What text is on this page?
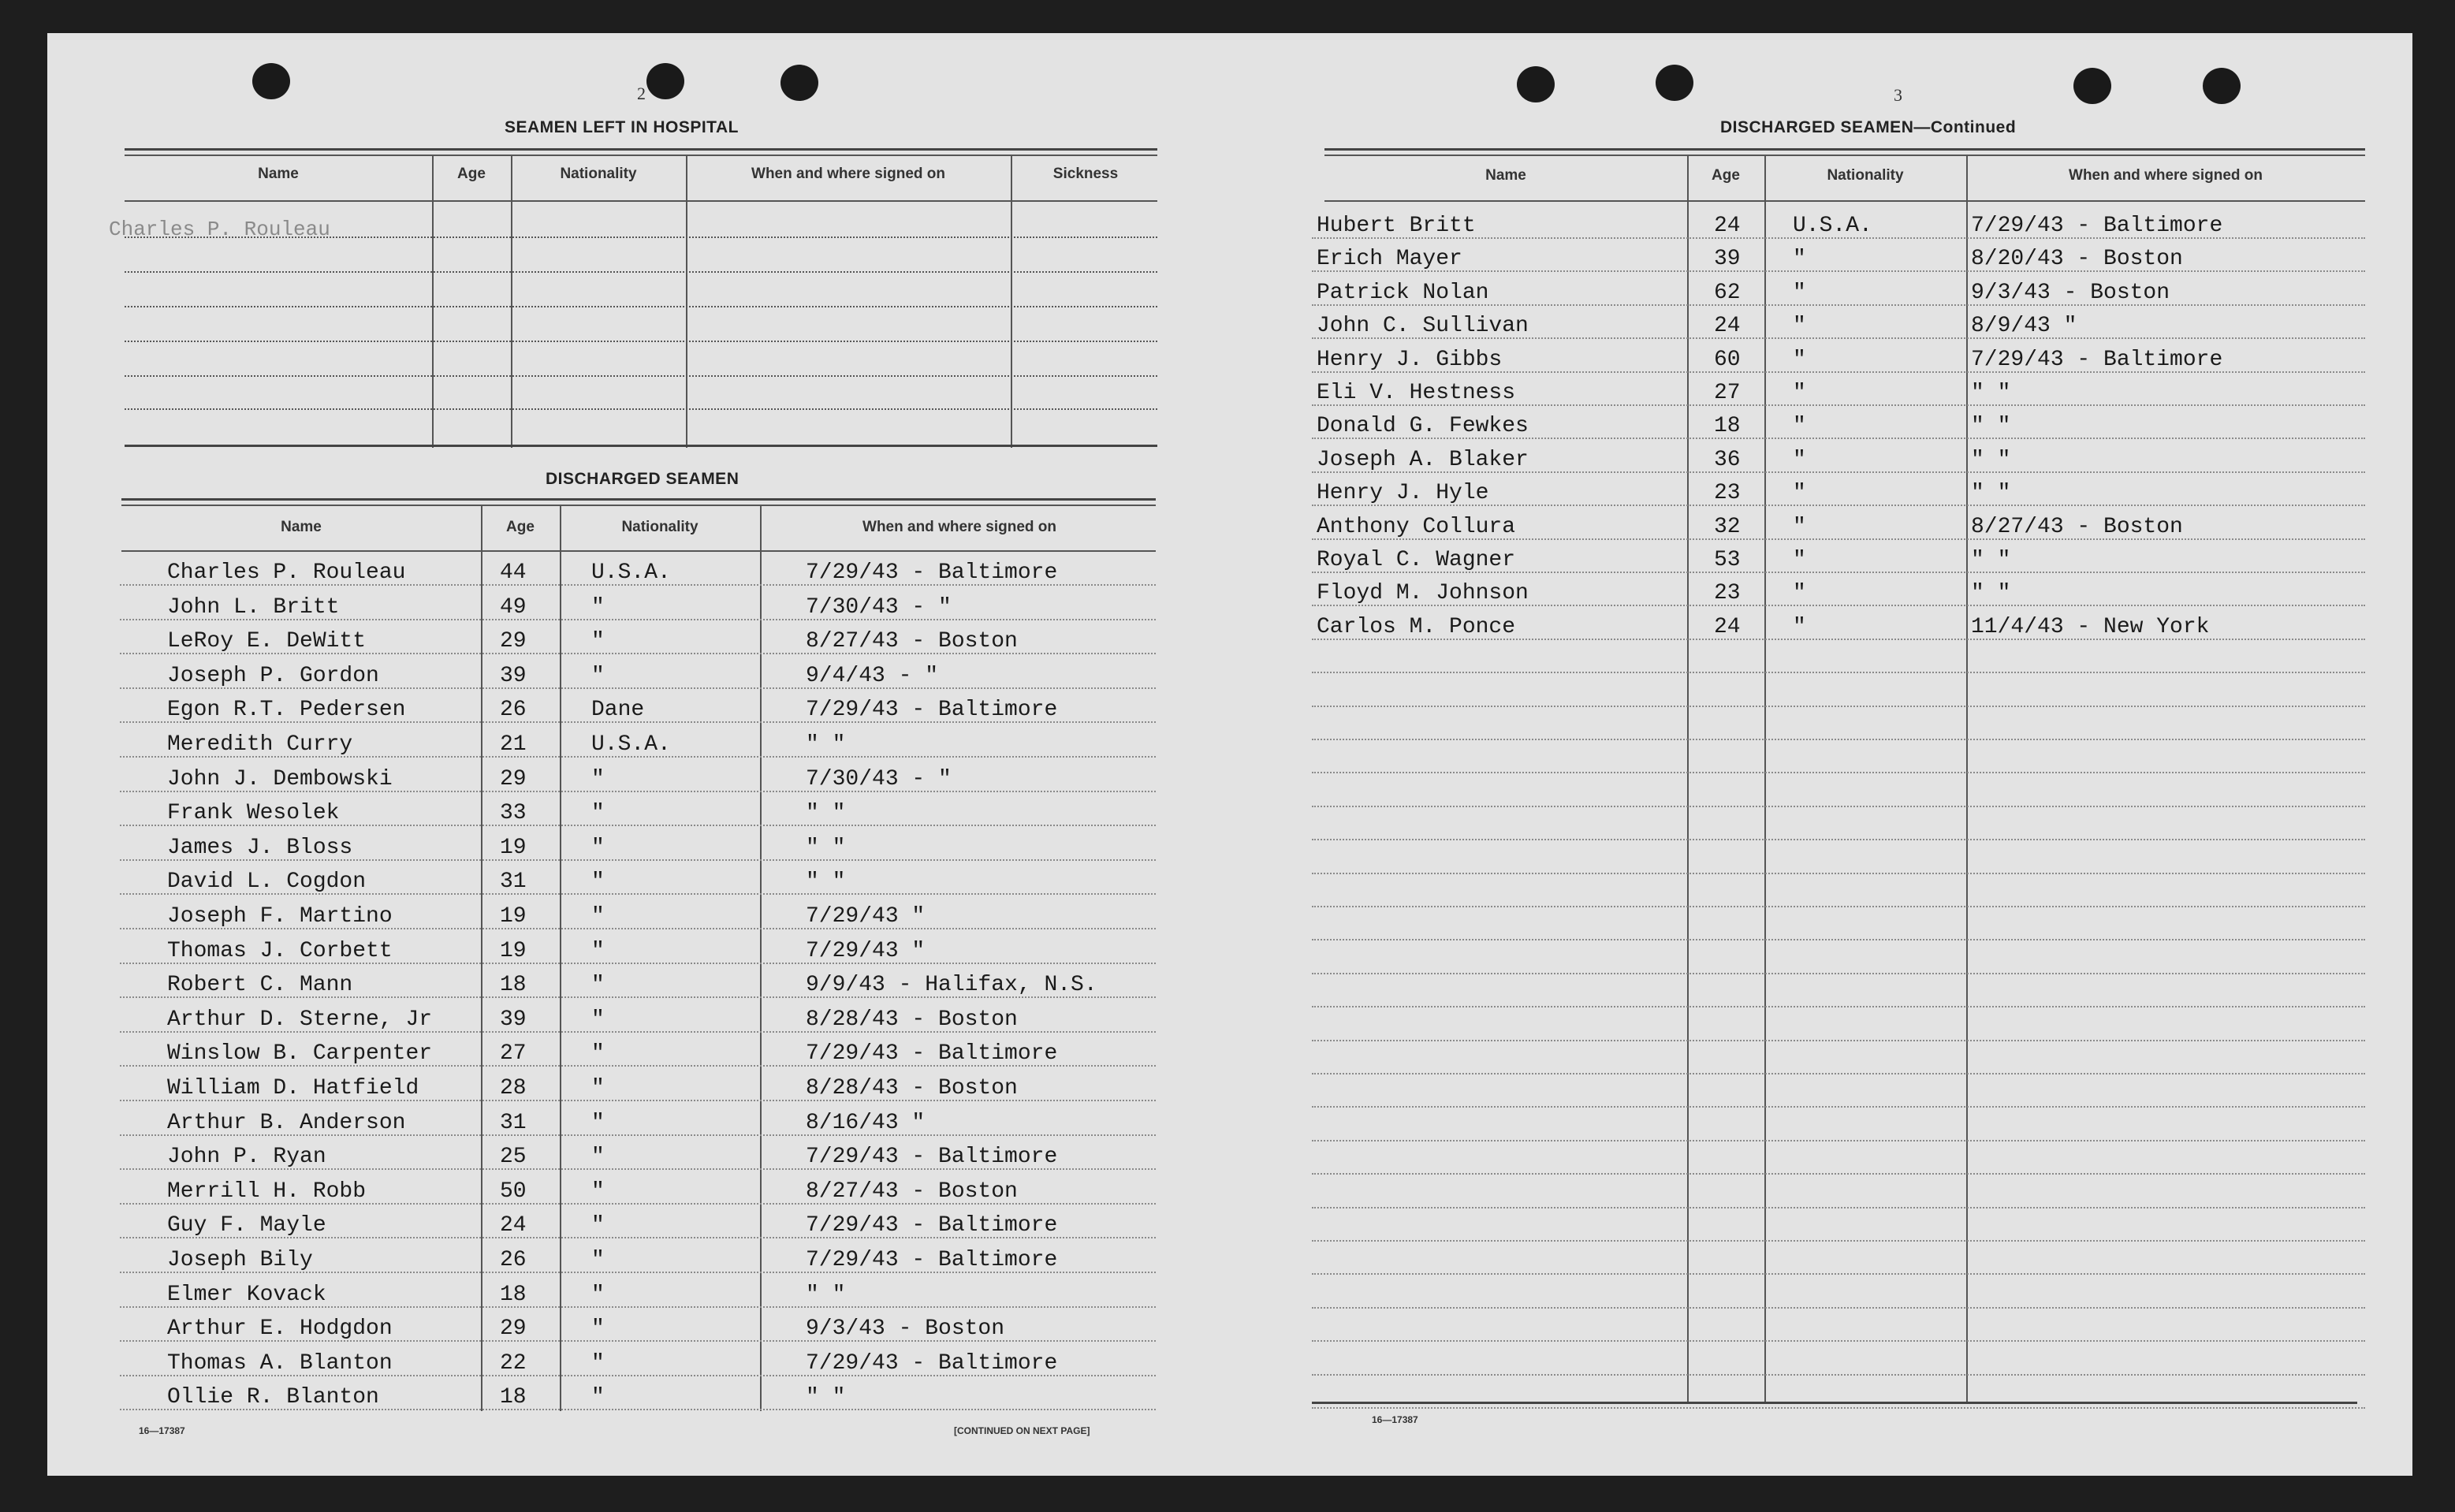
2
SEAMEN LEFT IN HOSPITAL
Name	Age	Nationality	When and where signed on	Sickness
Charles P. Rouleau
DISCHARGED SEAMEN
Name	Age	Nationality	When and where signed on
Charles P. Rouleau	44	U.S.A.	7/29/43 - Baltimore
John L. Britt	49	"	7/30/43 - "
LeRoy E. DeWitt	29	"	8/27/43 - Boston
Joseph P. Gordon	39	"	9/4/43 - "
Egon R.T. Pedersen	26	Dane	7/29/43 - Baltimore
Meredith Curry	21	U.S.A.	" "
John J. Dembowski	29	"	7/30/43 - "
Frank Wesolek	33	"	" "
James J. Bloss	19	"	" "
David L. Cogdon	31	"	" "
Joseph F. Martino	19	"	7/29/43 "
Thomas J. Corbett	19	"	7/29/43 "
Robert C. Mann	18	"	9/9/43 - Halifax, N.S.
Arthur D. Sterne, Jr	39	"	8/28/43 - Boston
Winslow B. Carpenter	27	"	7/29/43 - Baltimore
William D. Hatfield	28	"	8/28/43 - Boston
Arthur B. Anderson	31	"	8/16/43 "
John P. Ryan	25	"	7/29/43 - Baltimore
Merrill H. Robb	50	"	8/27/43 - Boston
Guy F. Mayle	24	"	7/29/43 - Baltimore
Joseph Bily	26	"	7/29/43 - Baltimore
Elmer Kovack	18	"	" "
Arthur E. Hodgdon	29	"	9/3/43 - Boston
Thomas A. Blanton	22	"	7/29/43 - Baltimore
Ollie R. Blanton	18	"	" "
16—17387	[CONTINUED ON NEXT PAGE]
3
DISCHARGED SEAMEN—Continued
Name	Age	Nationality	When and where signed on
Hubert Britt	24 U.S.A.	7/29/43 - Baltimore
Erich Mayer	39 "	8/20/43 - Boston
Patrick Nolan	62 "	9/3/43 - Boston
John C. Sullivan	24 "	8/9/43 "
Henry J. Gibbs	60 "	7/29/43 - Baltimore
Eli V. Hestness	27 "	" "
Donald G. Fewkes	18 "	" "
Joseph A. Blaker	36 "	" "
Henry J. Hyle	23 "	" "
Anthony Collura	32 "	8/27/43 - Boston
Royal C. Wagner	53 "	" "
Floyd M. Johnson	23 "	" "
Carlos M. Ponce	24 "	11/4/43 - New York
16—17387
